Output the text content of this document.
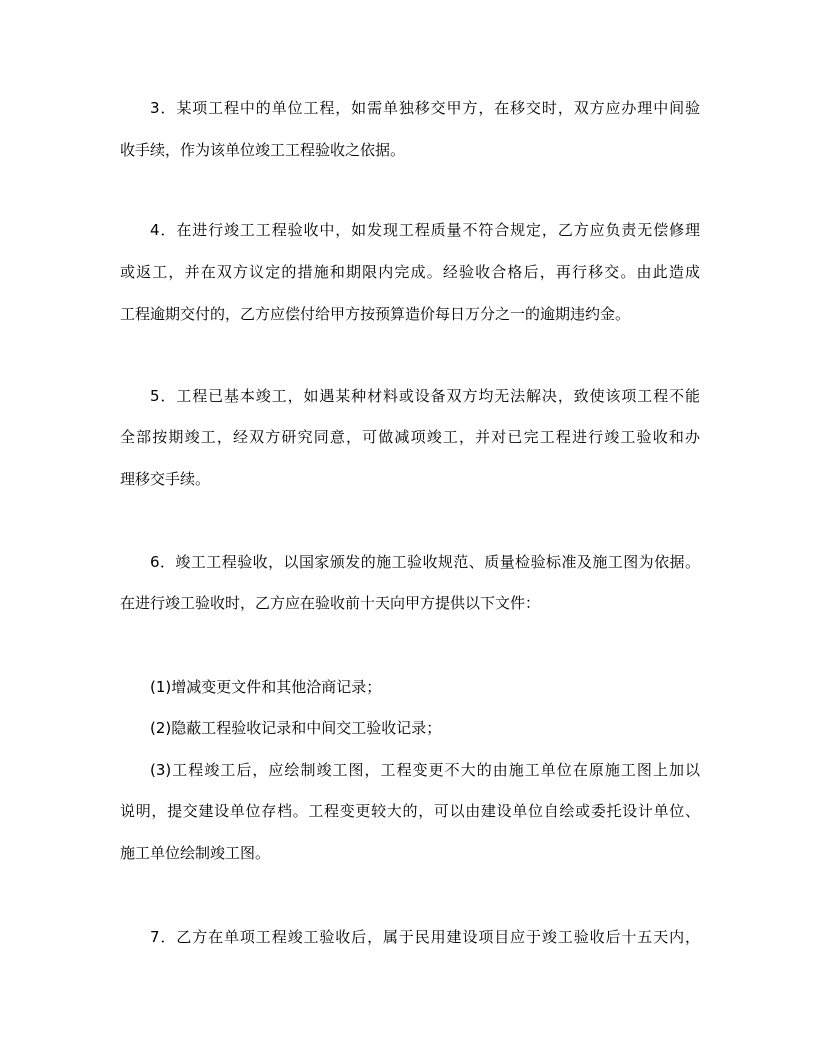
3．某项工程中的单位工程，如需单独移交甲方，在移交时，双方应办理中间验
收手续，作为该单位竣工工程验收之依据。
4．在进行竣工工程验收中，如发现工程质量不符合规定，乙方应负责无偿修理
或返工，并在双方议定的措施和期限内完成。经验收合格后，再行移交。由此造成
工程逾期交付的，乙方应偿付给甲方按预算造价每日万分之一的逾期违约金。
5．工程已基本竣工，如遇某种材料或设备双方均无法解决，致使该项工程不能
全部按期竣工，经双方研究同意，可做减项竣工，并对已完工程进行竣工验收和办
理移交手续。
6．竣工工程验收，以国家颁发的施工验收规范、质量检验标准及施工图为依据。
在进行竣工验收时，乙方应在验收前十天向甲方提供以下文件：
(1)增减变更文件和其他洽商记录；
(2)隐蔽工程验收记录和中间交工验收记录；
(3)工程竣工后，应绘制竣工图，工程变更不大的由施工单位在原施工图上加以
说明，提交建设单位存档。工程变更较大的，可以由建设单位自绘或委托设计单位、
施工单位绘制竣工图。
7．乙方在单项工程竣工验收后，属于民用建设项目应于竣工验收后十五天内，
